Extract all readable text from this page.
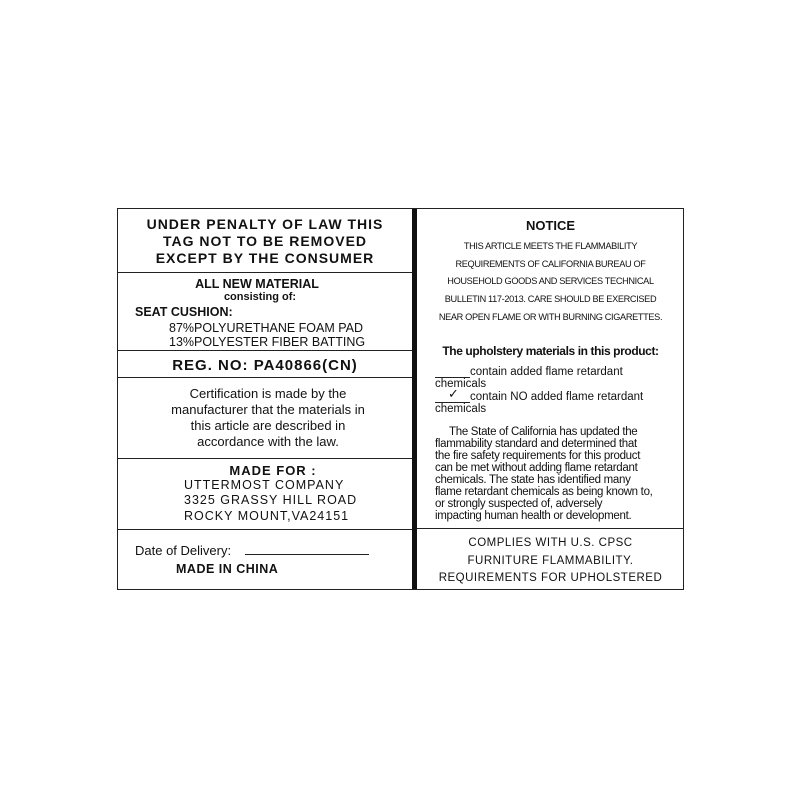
UNDER PENALTY OF LAW THIS
TAG NOT TO BE REMOVED
EXCEPT BY THE CONSUMER
ALL NEW MATERIAL
consisting of:
SEAT CUSHION:
87%POLYURETHANE FOAM PAD
13%POLYESTER FIBER BATTING
REG. NO: PA40866(CN)
Certification is made by the
manufacturer that the materials in
this article are described in
accordance with the law.
MADE FOR :
UTTERMOST COMPANY
3325 GRASSY HILL ROAD
ROCKY MOUNT,VA24151
Date of Delivery:
MADE IN CHINA
NOTICE
THIS ARTICLE MEETS THE FLAMMABILITY
REQUIREMENTS OF CALIFORNIA BUREAU OF
HOUSEHOLD GOODS AND SERVICES TECHNICAL
BULLETIN 117-2013. CARE SHOULD BE EXERCISED
NEAR OPEN FLAME OR WITH BURNING CIGARETTES.
The upholstery materials in this product:
contain added flame retardant
chemicals
✓ contain NO added flame retardant
chemicals
The State of California has updated the
flammability standard and determined that
the fire safety requirements for this product
can be met without adding flame retardant
chemicals. The state has identified many
flame retardant chemicals as being known to,
or strongly suspected of, adversely
impacting human health or development.
COMPLIES WITH U.S. CPSC
FURNITURE FLAMMABILITY.
REQUIREMENTS FOR UPHOLSTERED
